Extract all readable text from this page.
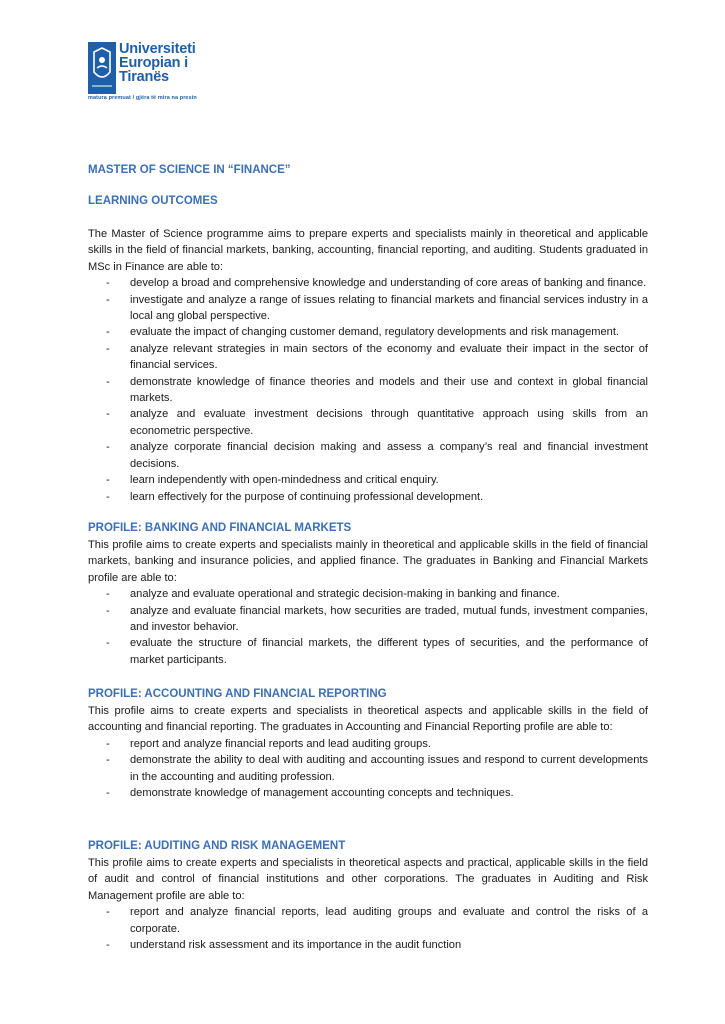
Universiteti
Europian i
Tiranës
matura premuat / gjëra të mira na presin
MASTER OF SCIENCE IN “FINANCE”
LEARNING OUTCOMES

The Master of Science programme aims to prepare experts and specialists mainly in theoretical and applicable skills in the field of financial markets, banking, accounting, financial reporting, and auditing. Students graduated in MSc in Finance are able to:

- develop a broad and comprehensive knowledge and understanding of core areas of banking and finance.
- investigate and analyze a range of issues relating to financial markets and financial services industry in a local ang global perspective.
- evaluate the impact of changing customer demand, regulatory developments and risk management.
- analyze relevant strategies in main sectors of the economy and evaluate their impact in the sector of financial services.
- demonstrate knowledge of finance theories and models and their use and context in global financial markets.
- analyze and evaluate investment decisions through quantitative approach using skills from an econometric perspective.
- analyze corporate financial decision making and assess a company’s real and financial investment decisions.
- learn independently with open-mindedness and critical enquiry.
- learn effectively for the purpose of continuing professional development.
PROFILE: BANKING AND FINANCIAL MARKETS

This profile aims to create experts and specialists mainly in theoretical and applicable skills in the field of financial markets, banking and insurance policies, and applied finance. The graduates in Banking and Financial Markets profile are able to:

- analyze and evaluate operational and strategic decision-making in banking and finance.
- analyze and evaluate financial markets, how securities are traded, mutual funds, investment companies, and investor behavior.
- evaluate the structure of financial markets, the different types of securities, and the performance of market participants.
PROFILE: ACCOUNTING AND FINANCIAL REPORTING

This profile aims to create experts and specialists in theoretical aspects and applicable skills in the field of accounting and financial reporting. The graduates in Accounting and Financial Reporting profile are able to:

- report and analyze financial reports and lead auditing groups.
- demonstrate the ability to deal with auditing and accounting issues and respond to current developments in the accounting and auditing profession.
- demonstrate knowledge of management accounting concepts and techniques.
PROFILE: AUDITING AND RISK MANAGEMENT

This profile aims to create experts and specialists in theoretical aspects and practical, applicable skills in the field of audit and control of financial institutions and other corporations. The graduates in Auditing and Risk Management profile are able to:

- report and analyze financial reports, lead auditing groups and evaluate and control the risks of a corporate.
- understand risk assessment and its importance in the audit function
